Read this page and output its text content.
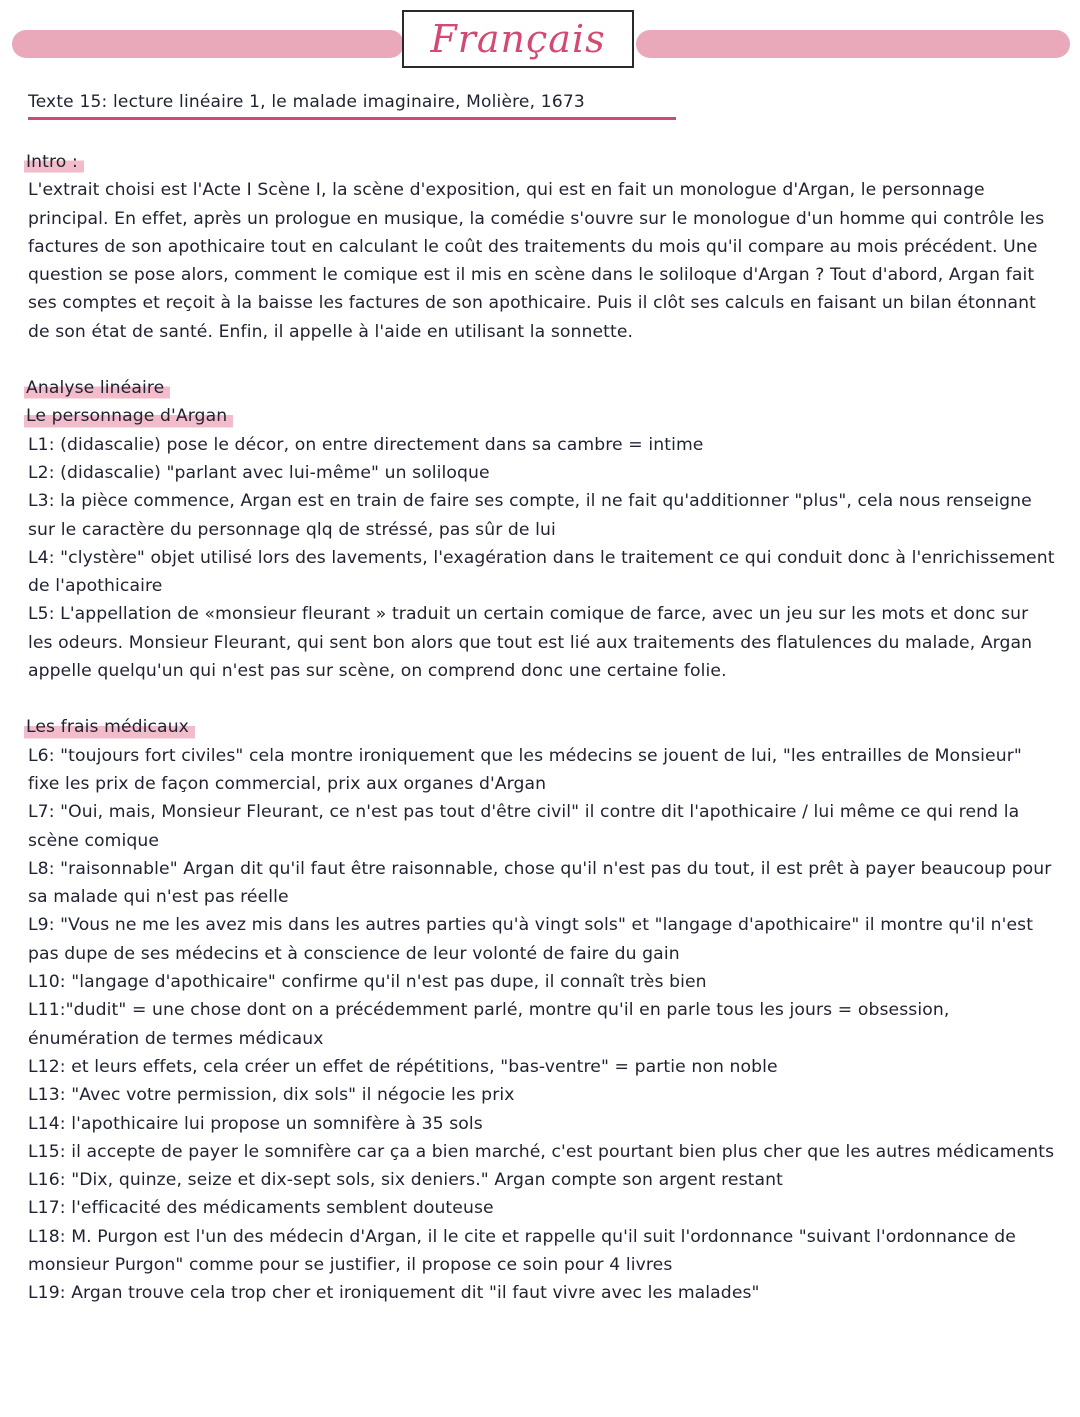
Français
Texte 15: lecture linéaire 1, le malade imaginaire, Molière, 1673

Intro :

L'extrait choisi est l'Acte I Scène I, la scène d'exposition, qui est en fait un monologue d'Argan, le personnage principal. En effet, après un prologue en musique, la comédie s'ouvre sur le monologue d'un homme qui contrôle les factures de son apothicaire tout en calculant le coût des traitements du mois qu'il compare au mois précédent. Une question se pose alors, comment le comique est il mis en scène dans le soliloque d'Argan ? Tout d'abord, Argan fait ses comptes et reçoit à la baisse les factures de son apothicaire. Puis il clôt ses calculs en faisant un bilan étonnant de son état de santé. Enfin, il appelle à l'aide en utilisant la sonnette.

Analyse linéaire

Le personnage d'Argan

L1: (didascalie) pose le décor, on entre directement dans sa cambre = intime

L2: (didascalie) "parlant avec lui-même" un soliloque

L3: la pièce commence, Argan est en train de faire ses compte, il ne fait qu'additionner "plus", cela nous renseigne sur le caractère du personnage qlq de stréssé, pas sûr de lui

L4: "clystère" objet utilisé lors des lavements, l'exagération dans le traitement ce qui conduit donc à l'enrichissement de l'apothicaire

L5: L'appellation de «monsieur fleurant » traduit un certain comique de farce, avec un jeu sur les mots et donc sur les odeurs. Monsieur Fleurant, qui sent bon alors que tout est lié aux traitements des flatulences du malade, Argan appelle quelqu'un qui n'est pas sur scène, on comprend donc une certaine folie.

Les frais médicaux

L6: "toujours fort civiles" cela montre ironiquement que les médecins se jouent de lui, "les entrailles de Monsieur" fixe les prix de façon commercial, prix aux organes d'Argan

L7: "Oui, mais, Monsieur Fleurant, ce n'est pas tout d'être civil" il contre dit l'apothicaire / lui même ce qui rend la scène comique

L8: "raisonnable" Argan dit qu'il faut être raisonnable, chose qu'il n'est pas du tout, il est prêt à payer beaucoup pour sa malade qui n'est pas réelle

L9: "Vous ne me les avez mis dans les autres parties qu'à vingt sols" et "langage d'apothicaire" il montre qu'il n'est pas dupe de ses médecins et à conscience de leur volonté de faire du gain

L10: "langage d'apothicaire" confirme qu'il n'est pas dupe, il connaît très bien

L11:"dudit" = une chose dont on a précédemment parlé, montre qu'il en parle tous les jours = obsession, énumération de termes médicaux

L12: et leurs effets, cela créer un effet de répétitions, "bas-ventre" = partie non noble

L13: "Avec votre permission, dix sols" il négocie les prix

L14: l'apothicaire lui propose un somnifère à 35 sols

L15: il accepte de payer le somnifère car ça a bien marché, c'est pourtant bien plus cher que les autres médicaments

L16: "Dix, quinze, seize et dix-sept sols, six deniers." Argan compte son argent restant

L17: l'efficacité des médicaments semblent douteuse

L18: M. Purgon est l'un des médecin d'Argan, il le cite et rappelle qu'il suit l'ordonnance "suivant l'ordonnance de monsieur Purgon" comme pour se justifier, il propose ce soin pour 4 livres

L19: Argan trouve cela trop cher et ironiquement dit "il faut vivre avec les malades"
